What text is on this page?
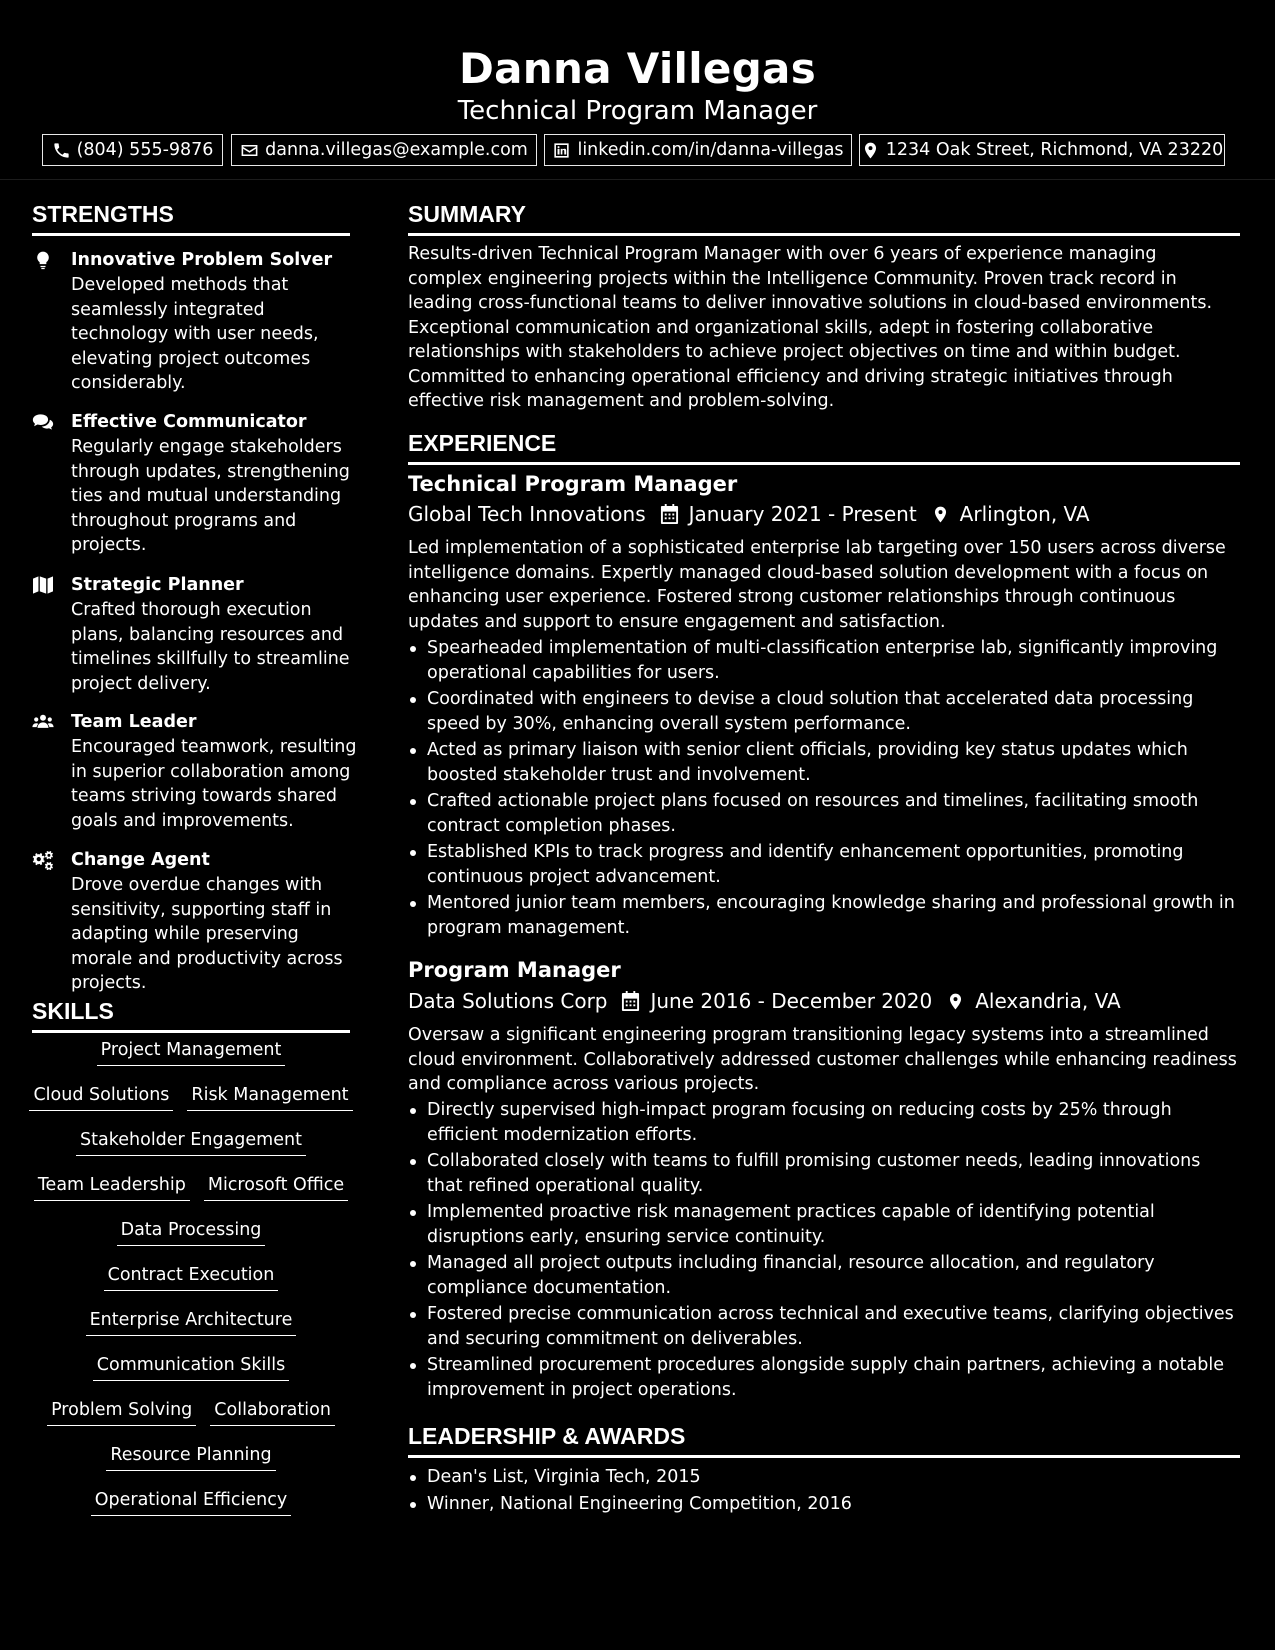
Danna Villegas
Technical Program Manager
(804) 555-9876	danna.villegas@example.com	linkedin.com/in/danna-villegas 1234 Oak Street, Richmond, VA 23220
STRENGTHS
Innovative Problem Solver
Developed methods that seamlessly integrated technology with user needs, elevating project outcomes considerably.
Effective Communicator
Regularly engage stakeholders through updates, strengthening ties and mutual understanding throughout programs and projects.
Strategic Planner
Crafted thorough execution plans, balancing resources and timelines skillfully to streamline project delivery.
Team Leader
Encouraged teamwork, resulting in superior collaboration among teams striving towards shared goals and improvements.
Change Agent
Drove overdue changes with sensitivity, supporting staff in adapting while preserving morale and productivity across projects.
SKILLS
Project Management
Cloud Solutions Risk Management
Stakeholder Engagement
Team Leadership Microsoft Office
Data Processing
Contract Execution
Enterprise Architecture
Communication Skills
Problem Solving Collaboration
Resource Planning
Operational Efficiency
SUMMARY
Results-driven Technical Program Manager with over 6 years of experience managing complex engineering projects within the Intelligence Community. Proven track record in leading cross-functional teams to deliver innovative solutions in cloud-based environments. Exceptional communication and organizational skills, adept in fostering collaborative relationships with stakeholders to achieve project objectives on time and within budget. Committed to enhancing operational efficiency and driving strategic initiatives through effective risk management and problem-solving.
EXPERIENCE
Technical Program Manager
Global Tech Innovations January 2021 - Present Arlington, VA
Led implementation of a sophisticated enterprise lab targeting over 150 users across diverse intelligence domains. Expertly managed cloud-based solution development with a focus on enhancing user experience. Fostered strong customer relationships through continuous updates and support to ensure engagement and satisfaction.
Spearheaded implementation of multi-classification enterprise lab, significantly improving operational capabilities for users.
Coordinated with engineers to devise a cloud solution that accelerated data processing speed by 30%, enhancing overall system performance.
Acted as primary liaison with senior client officials, providing key status updates which boosted stakeholder trust and involvement.
Crafted actionable project plans focused on resources and timelines, facilitating smooth contract completion phases.
Established KPIs to track progress and identify enhancement opportunities, promoting continuous project advancement.
Mentored junior team members, encouraging knowledge sharing and professional growth in program management.
Program Manager
Data Solutions Corp June 2016 - December 2020 Alexandria, VA
Oversaw a significant engineering program transitioning legacy systems into a streamlined cloud environment. Collaboratively addressed customer challenges while enhancing readiness and compliance across various projects.
Directly supervised high-impact program focusing on reducing costs by 25% through efficient modernization efforts.
Collaborated closely with teams to fulfill promising customer needs, leading innovations that refined operational quality.
Implemented proactive risk management practices capable of identifying potential disruptions early, ensuring service continuity.
Managed all project outputs including financial, resource allocation, and regulatory compliance documentation.
Fostered precise communication across technical and executive teams, clarifying objectives and securing commitment on deliverables.
Streamlined procurement procedures alongside supply chain partners, achieving a notable improvement in project operations.
LEADERSHIP & AWARDS
Dean's List, Virginia Tech, 2015
Winner, National Engineering Competition, 2016
